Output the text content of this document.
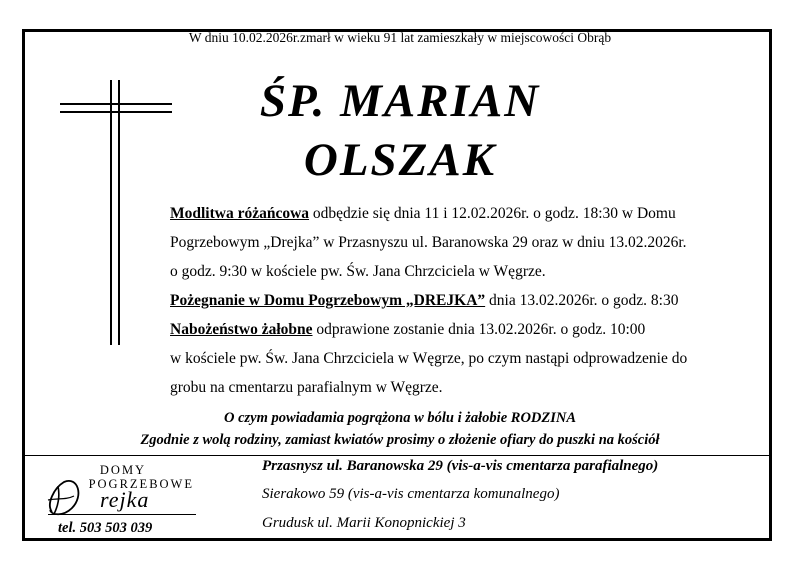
W dniu 10.02.2026r.zmarł w wieku 91 lat zamieszkały w miejscowości Obrąb
ŚP. MARIAN
OLSZAK
Modlitwa różańcowa odbędzie się dnia 11 i 12.02.2026r. o godz. 18:30 w Domu
Pogrzebowym „Drejka” w Przasnyszu ul. Baranowska 29 oraz w dniu 13.02.2026r.
o godz. 9:30 w kościele pw. Św. Jana Chrzciciela w Węgrze.
Pożegnanie w Domu Pogrzebowym „DREJKA” dnia 13.02.2026r. o godz. 8:30
Nabożeństwo żałobne odprawione zostanie dnia 13.02.2026r. o godz. 10:00
w kościele pw. Św. Jana Chrzciciela w Węgrze, po czym nastąpi odprowadzenie do
grobu na cmentarzu parafialnym w Węgrze.
O czym powiadamia pogrążona w bólu i żałobie RODZINA
Zgodnie z wolą rodziny, zamiast kwiatów prosimy o złożenie ofiary do puszki na kościół
DOMY
POGRZEBOWE
rejka
tel. 503 503 039
Przasnysz ul. Baranowska 29 (vis-a-vis cmentarza parafialnego)
Sierakowo 59 (vis-a-vis cmentarza komunalnego)
Grudusk ul. Marii Konopnickiej 3
